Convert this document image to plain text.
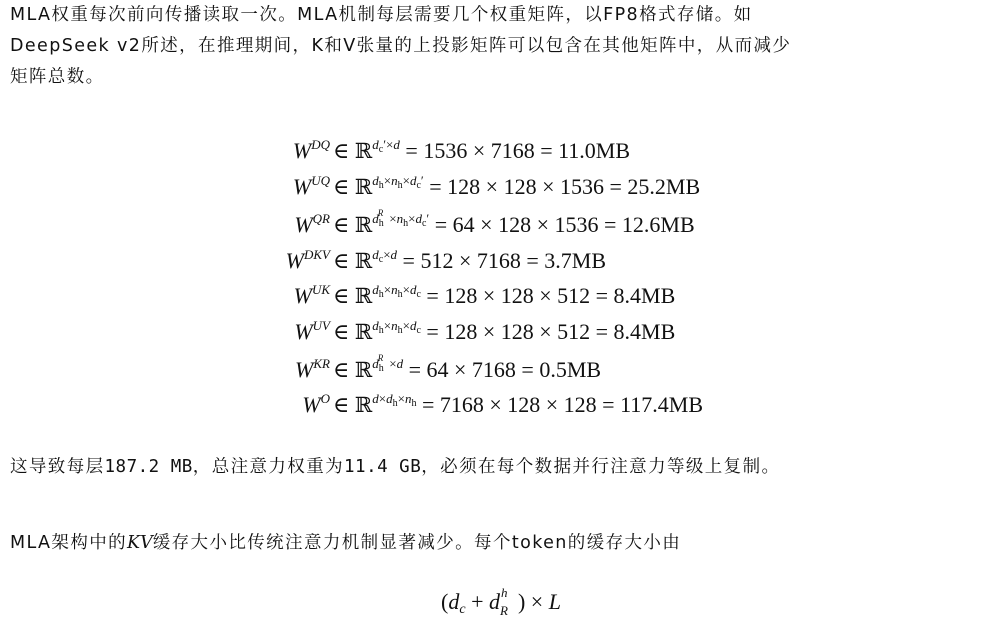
MLA权重每次前向传播读取一次。MLA机制每层需要几个权重矩阵，以FP8格式存储。如
DeepSeek v2所述，在推理期间，K和V张量的上投影矩阵可以包含在其他矩阵中，从而减少
矩阵总数。
$W^{DQ}$ ∈ ℝ$^{d_c'\times d}$ = 1536 × 7168 = 11.0MB
$W^{UQ}$ ∈ ℝ$^{d_h\times n_h\times d_c'}$ = 128 × 128 × 1536 = 25.2MB
$W^{QR}$ ∈ ℝ$^{d_h^R \times n_h\times d_c'}$ = 64 × 128 × 1536 = 12.6MB
$W^{DKV}$ ∈ ℝ$^{d_c\times d}$ = 512 × 7168 = 3.7MB
$W^{UK}$ ∈ ℝ$^{d_h\times n_h\times d_c}$ = 128 × 128 × 512 = 8.4MB
$W^{UV}$ ∈ ℝ$^{d_h\times n_h\times d_c}$ = 128 × 128 × 512 = 8.4MB
$W^{KR}$ ∈ ℝ$^{d_h^R \times d}$ = 64 × 7168 = 0.5MB
$W^O$ ∈ ℝ$^{d\times d_h\times n_h}$ = 7168 × 128 × 128 = 117.4MB
这导致每层187.2 MB，总注意力权重为11.4 GB，必须在每个数据并行注意力等级上复制。
MLA架构中的KV缓存大小比传统注意力机制显著减少。每个token的缓存大小由
(dc + d h
R ) × L
